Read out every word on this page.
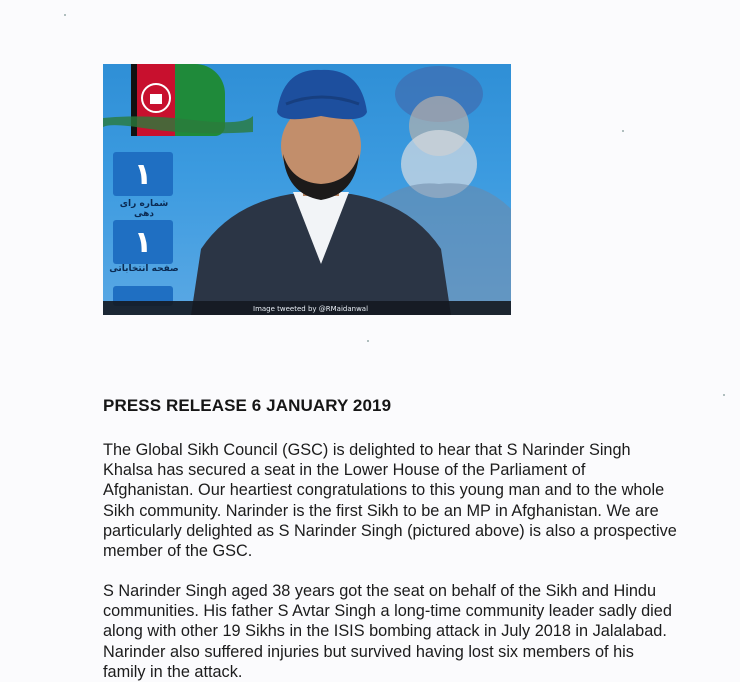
۱
شماره رای دهی
۱
صفحه انتخاباتی
Image tweeted by @RMaidanwal
PRESS RELEASE 6 JANUARY 2019

The Global Sikh Council (GSC) is delighted to hear that S Narinder Singh Khalsa has secured a seat in the Lower House of the Parliament of Afghanistan. Our heartiest congratulations to this young man and to the whole Sikh community. Narinder is the first Sikh to be an MP in Afghanistan. We are particularly delighted as S Narinder Singh (pictured above) is also a prospective member of the GSC.

S Narinder Singh aged 38 years got the seat on behalf of the Sikh and Hindu communities. His father S Avtar Singh a long-time community leader sadly died along with other 19 Sikhs in the ISIS bombing attack in July 2018 in Jalalabad. Narinder also suffered injuries but survived having lost six members of his family in the attack.
